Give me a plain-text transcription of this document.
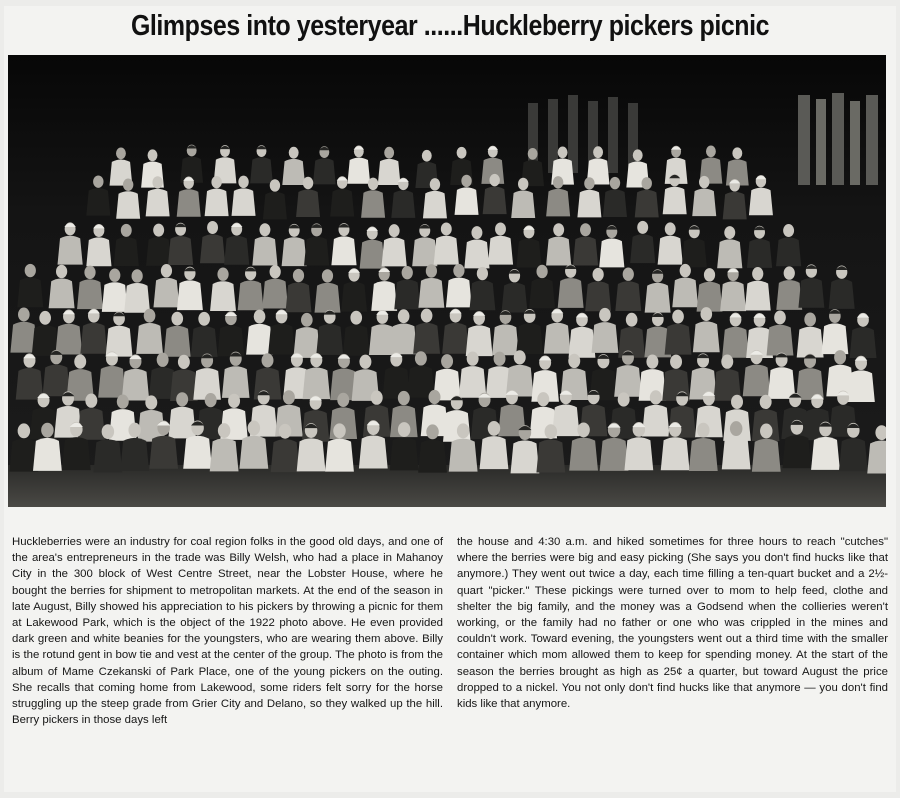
Glimpses into yesteryear ......Huckleberry pickers picnic

Huckleberries were an industry for coal region folks in the good old days, and one of the area's entrepreneurs in the trade was Billy Welsh, who had a place in Mahanoy City in the 300 block of West Centre Street, near the Lobster House, where he bought the berries for shipment to metropolitan markets. At the end of the season in late August, Billy showed his appreciation to his pickers by throwing a picnic for them at Lakewood Park, which is the object of the 1922 photo above. He even provided dark green and white beanies for the youngsters, who are wearing them above. Billy is the rotund gent in bow tie and vest at the center of the group. The photo is from the album of Mame Czekanski of Park Place, one of the young pickers on the outing. She recalls that coming home from Lakewood, some riders felt sorry for the horse struggling up the steep grade from Grier City and Delano, so they walked up the hill. Berry pickers in those days left

the house and 4:30 a.m. and hiked sometimes for three hours to reach "cutches" where the berries were big and easy picking (She says you don't find hucks like that anymore.) They went out twice a day, each time filling a ten-quart bucket and a 2½-quart "picker." These pickings were turned over to mom to help feed, clothe and shelter the big family, and the money was a Godsend when the collieries weren't working, or the family had no father or one who was crippled in the mines and couldn't work. Toward evening, the youngsters went out a third time with the smaller container which mom allowed them to keep for spending money. At the start of the season the berries brought as high as 25¢ a quarter, but toward August the price dropped to a nickel. You not only don't find hucks like that anymore — you don't find kids like that anymore.
